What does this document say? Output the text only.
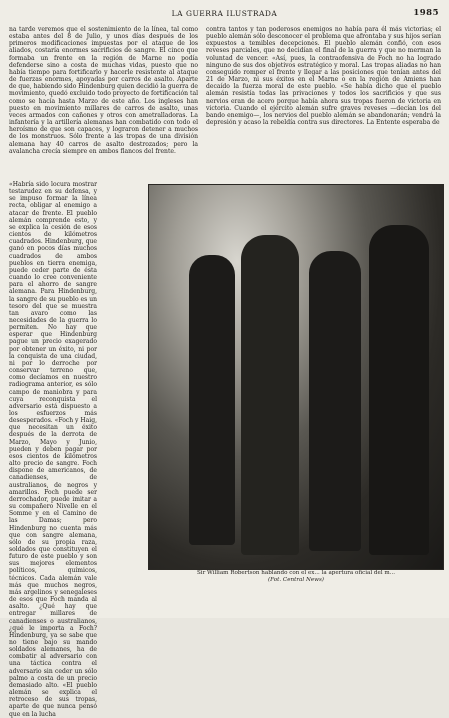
LA GUERRA ILUSTRADA	1985

na tarde veremos que el sostenimiento de la línea, tal como estaba antes del 8 de Julio, y unos días después de los primeros modificaciones impuestas por el ataque de los aliados, costaría enormes sacrificios de sangre. El cinco que formaba un frente en la región de Marne no podía defenderse sino a costa de muchas vidas, puesto que no había tiempo para fortificarlo y hacerle resistente al ataque de fuerzas enormes, apoyadas por carros de asalto. Aparte de que, habiendo sido Hindenburg quien decidió la guerra de movimiento, quedó excluido todo proyecto de fortificación tal como se hacía hasta Marzo de este año. Los ingleses han puesto en movimiento millares de carros de asalto, unas veces armados con cañones y otros con ametralladoras. La infantería y la artillería alemanas han combatido con todo el heroísmo de que son capaces, y lograron detener a muchos de los monstruos. Sólo frente a las tropas de una división alemana hay 40 carros de asalto destrozados; pero la avalancha crecía siempre en ambos flancos del frente.

contra tantos y tan poderosos enemigos no había para él más victorias; el pueblo alemán sólo desconocer el problema que afrontaba y sus hijos serían expuestos a temibles decepciones. El pueblo alemán confió, con esos reveses parciales, que no decidían el final de la guerra y que no merman la voluntad de vencer. «Así, pues, la contraofensiva de Foch no ha logrado ninguno de sus dos objetivos estratégico y moral. Las tropas aliadas no han conseguido romper el frente y llegar a las posiciones que tenían antes del 21 de Marzo, ni sus éxitos en el Marne o en la región de Amiens han decaído la fuerza moral de este pueblo. «Se había dicho que el pueblo alemán resistía todas las privaciones y todos los sacrificios y que sus nervios eran de acero porque había ahora sus tropas fueron de victoria en victoria. Cuando el ejército alemán sufre graves reveses —decían los del bando enemigo—, los nervios del pueblo alemán se abandonarán; vendrá la depresión y acaso la rebeldía contra sus directores. La Entente esperaba de

«Habría sido locura mostrar testarudez en su defensa, y se impuso formar la línea recta, obligar al enemigo a atacar de frente. El pueblo alemán comprende esto, y se explica la cesión de esos cientos de kilómetros cuadrados. Hindenburg, que ganó en pocos días muchos cuadrados de ambos pueblos en tierra enemiga, puede ceder parte de ésta cuando lo cree conveniente para el ahorro de sangre alemana. Para Hindenburg, la sangre de su pueblo es un tesoro del que se muestra tan avaro como las necesidades de la guerra lo permiten. No hay que esperar que Hindenburg pague un precio exagerado por obtener un éxito, ni por la conquista de una ciudad, ni por lo derroche por conservar terreno que, como decíamos en nuestro radiograma anterior, es sólo campo de maniobra y para cuya reconquista el adversario está dispuesto a los esfuerzos más desesperados. «Foch y Haig, que necesitan un éxito después de la derrota de Marzo, Mayo y Junio, pueden y deben pagar por esos cientos de kilómetros alto precio de sangre. Foch dispone de americanos, de canadienses, de australianos, de negros y amarillos. Foch puede ser derrochador, puede imitar a su compañero Nivelle en el Somme y en el Camino de las Damas; pero Hindenburg no cuenta más que con sangre alemana, sólo de su propia raza, soldados que constituyen el futuro de este pueblo y son sus mejores elementos políticos, químicos, técnicos. Cada alemán vale más que muchos negros, más argelinos y senegaleses de esos que Foch manda al asalto. ¿Qué hay que entregar millares de canadienses o australianos, ¿qué le importa a Foch? Hindenburg, ya se sabe que no tiene bajo su mando soldados alemanes, ha de combatir al adversario con una táctica contra el adversario sin ceder un sólo palmo a costa de un precio demasiado alto. «El pueblo alemán se explica el retroceso de sus tropas, aparte de que nunca pensó que en la lucha

Sir William Robertson hablando con el ex... la apertura oficial del m...
(Fot. Central News)
